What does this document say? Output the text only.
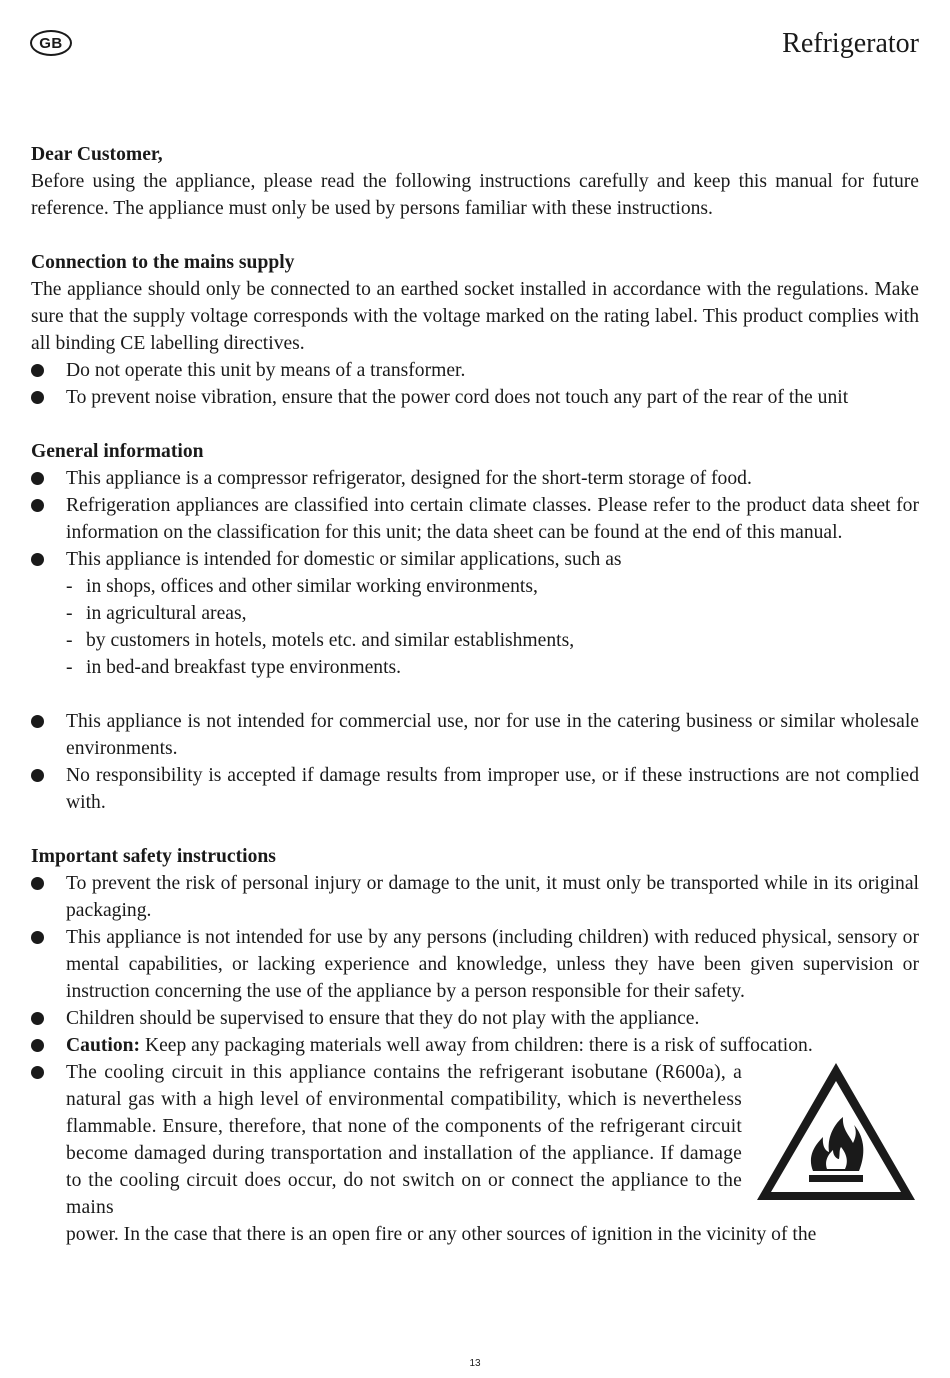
GB	Refrigerator

Dear Customer,

Before using the appliance, please read the following instructions carefully and keep this manual for future reference. The appliance must only be used by persons familiar with these instructions.

Connection to the mains supply

The appliance should only be connected to an earthed socket installed in accordance with the regulations. Make sure that the supply voltage corresponds with the voltage marked on the rating label. This product complies with all binding CE labelling directives.

Do not operate this unit by means of a transformer.
To prevent noise vibration, ensure that the power cord does not touch any part of the rear of the unit

General information

This appliance is a compressor refrigerator, designed for the short-term storage of food.
Refrigeration appliances are classified into certain climate classes. Please refer to the product data sheet for information on the classification for this unit; the data sheet can be found at the end of this manual.
This appliance is intended for domestic or similar applications, such as
- in shops, offices and other similar working environments,
- in agricultural areas,
- by customers in hotels, motels etc. and similar establishments,
- in bed-and breakfast type environments.
This appliance is not intended for commercial use, nor for use in the catering business or similar wholesale environments.
No responsibility is accepted if damage results from improper use, or if these instructions are not complied with.

Important safety instructions

To prevent the risk of personal injury or damage to the unit, it must only be transported while in its original packaging.
This appliance is not intended for use by any persons (including children) with reduced physical, sensory or mental capabilities, or lacking experience and knowledge, unless they have been given supervision or instruction concerning the use of the appliance by a person responsible for their safety.
Children should be supervised to ensure that they do not play with the appliance.
Caution: Keep any packaging materials well away from children: there is a risk of suffocation.
The cooling circuit in this appliance contains the refrigerant isobutane (R600a), a natural gas with a high level of environmental compatibility, which is nevertheless flammable. Ensure, therefore, that none of the components of the refrigerant circuit become damaged during transportation and installation of the appliance. If damage to the cooling circuit does occur, do not switch on or connect the appliance to the mains
power. In the case that there is an open fire or any other sources of ignition in the vicinity of the
13
